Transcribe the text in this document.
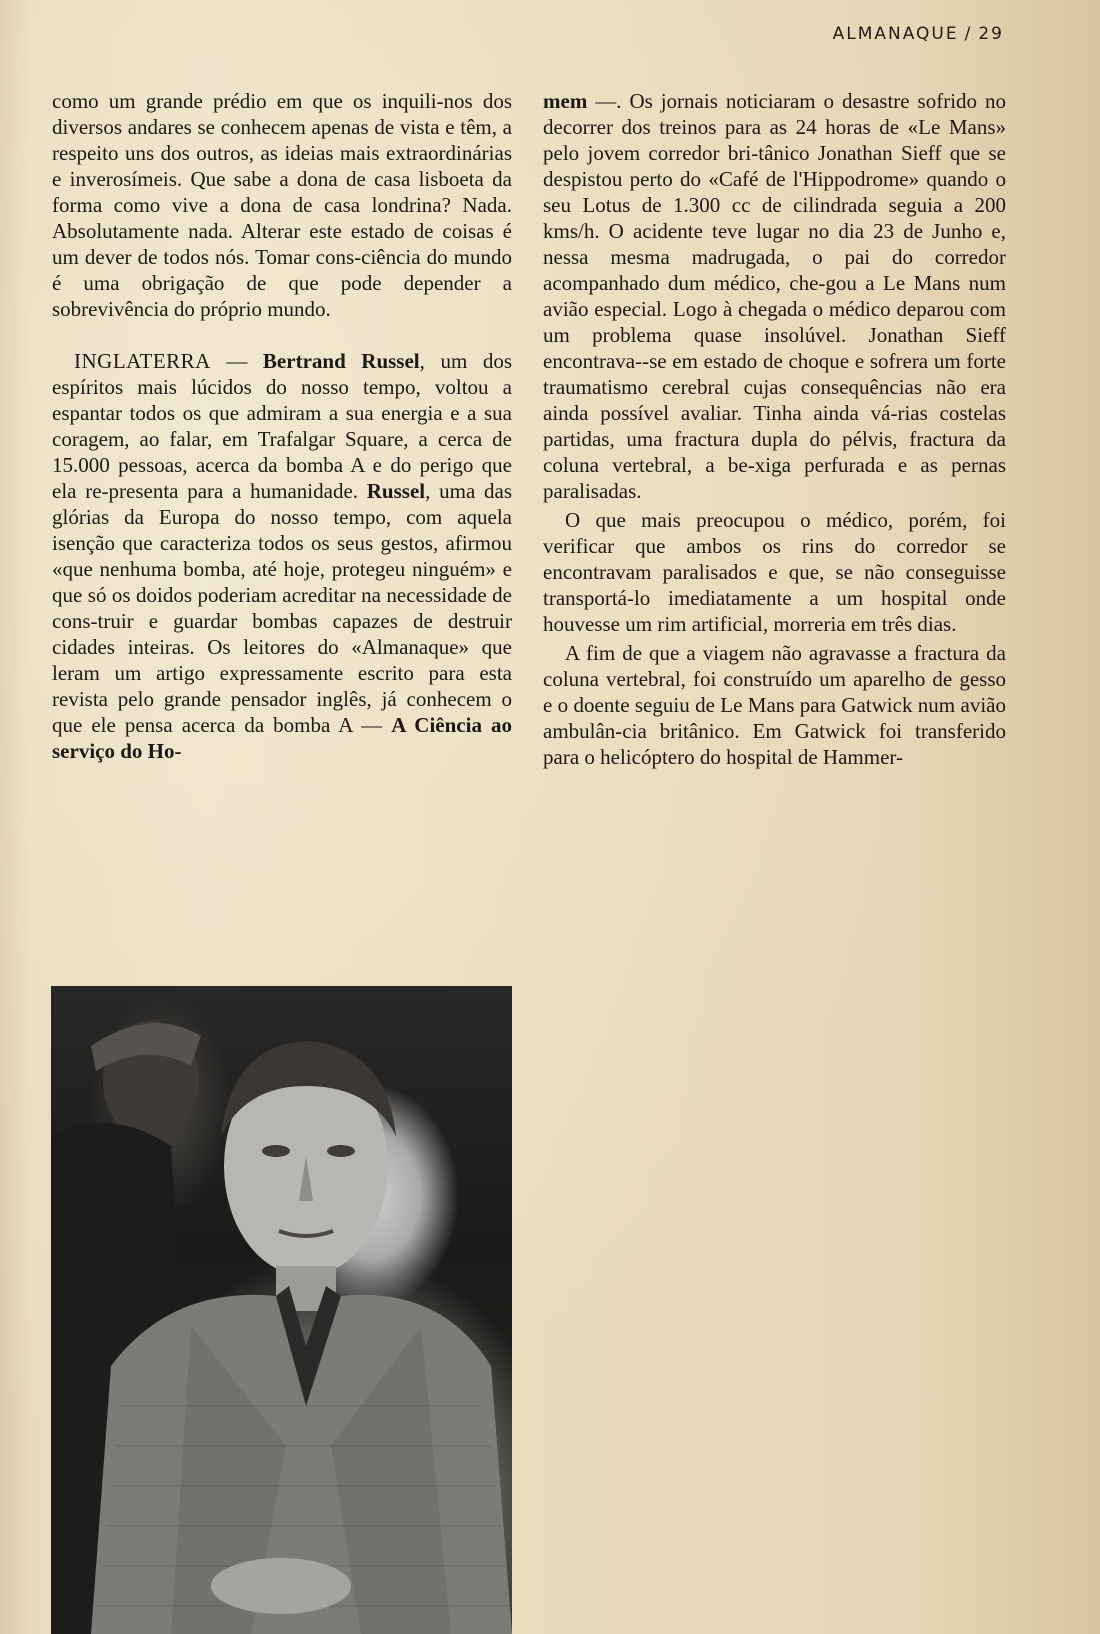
ALMANAQUE / 29

como um grande prédio em que os inquili-nos dos diversos andares se conhecem apenas de vista e têm, a respeito uns dos outros, as ideias mais extraordinárias e inverosímeis. Que sabe a dona de casa lisboeta da forma como vive a dona de casa londrina? Nada. Absolutamente nada. Alterar este estado de coisas é um dever de todos nós. Tomar cons-ciência do mundo é uma obrigação de que pode depender a sobrevivência do próprio mundo.

INGLATERRA — Bertrand Russel, um dos espíritos mais lúcidos do nosso tempo, voltou a espantar todos os que admiram a sua energia e a sua coragem, ao falar, em Trafalgar Square, a cerca de 15.000 pessoas, acerca da bomba A e do perigo que ela re-presenta para a humanidade. Russel, uma das glórias da Europa do nosso tempo, com aquela isenção que caracteriza todos os seus gestos, afirmou «que nenhuma bomba, até hoje, protegeu ninguém» e que só os doidos poderiam acreditar na necessidade de cons-truir e guardar bombas capazes de destruir cidades inteiras. Os leitores do «Almanaque» que leram um artigo expressamente escrito para esta revista pelo grande pensador inglês, já conhecem o que ele pensa acerca da bomba A — A Ciência ao serviço do Ho-

mem —. Os jornais noticiaram o desastre sofrido no decorrer dos treinos para as 24 horas de «Le Mans» pelo jovem corredor bri-tânico Jonathan Sieff que se despistou perto do «Café de l'Hippodrome» quando o seu Lotus de 1.300 cc de cilindrada seguia a 200 kms/h. O acidente teve lugar no dia 23 de Junho e, nessa mesma madrugada, o pai do corredor acompanhado dum médico, che-gou a Le Mans num avião especial. Logo à chegada o médico deparou com um problema quase insolúvel. Jonathan Sieff encontrava--se em estado de choque e sofrera um forte traumatismo cerebral cujas consequências não era ainda possível avaliar. Tinha ainda vá-rias costelas partidas, uma fractura dupla do pélvis, fractura da coluna vertebral, a be-xiga perfurada e as pernas paralisadas.

O que mais preocupou o médico, porém, foi verificar que ambos os rins do corredor se encontravam paralisados e que, se não conseguisse transportá-lo imediatamente a um hospital onde houvesse um rim artificial, morreria em três dias.

A fim de que a viagem não agravasse a fractura da coluna vertebral, foi construído um aparelho de gesso e o doente seguiu de Le Mans para Gatwick num avião ambulân-cia britânico. Em Gatwick foi transferido para o helicóptero do hospital de Hammer-
